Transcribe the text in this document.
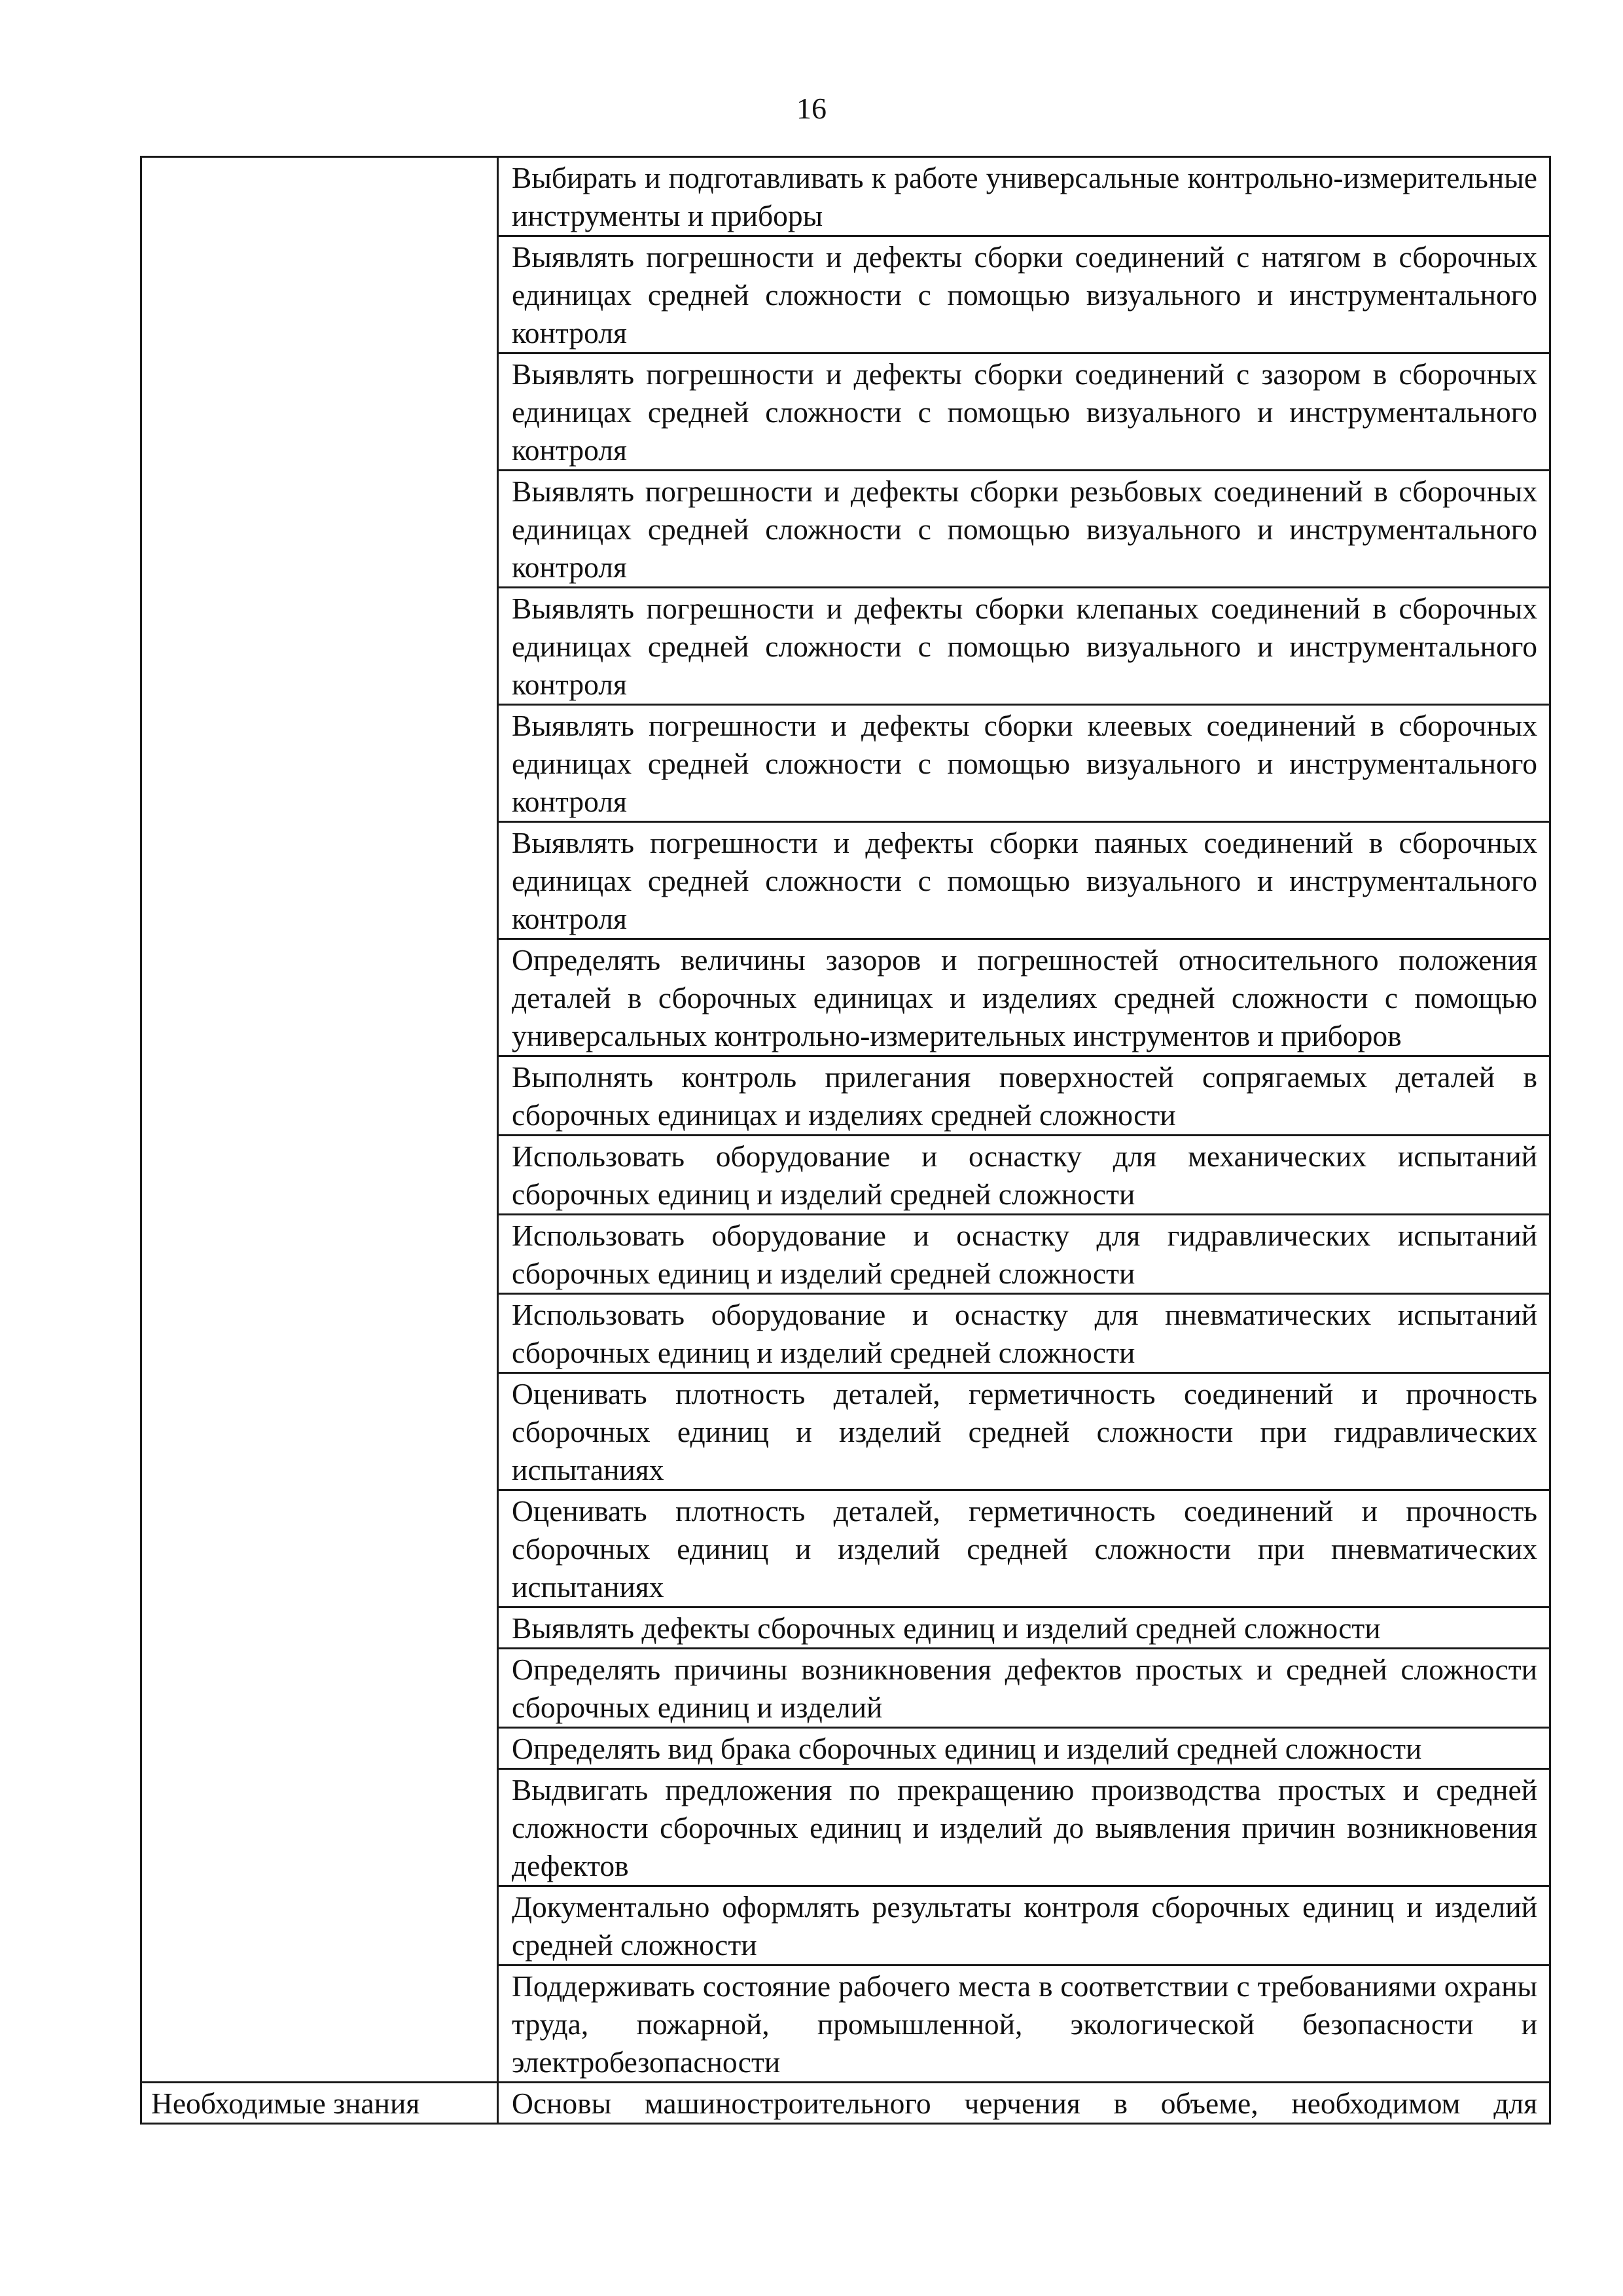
16

	Выбирать и подготавливать к работе универсальные контрольно-измерительные инструменты и приборы

	Выявлять погрешности и дефекты сборки соединений с натягом в сборочных единицах средней сложности с помощью визуального и инструментального контроля

	Выявлять погрешности и дефекты сборки соединений с зазором в сборочных единицах средней сложности с помощью визуального и инструментального контроля

	Выявлять погрешности и дефекты сборки резьбовых соединений в сборочных единицах средней сложности с помощью визуального и инструментального контроля

	Выявлять погрешности и дефекты сборки клепаных соединений в сборочных единицах средней сложности с помощью визуального и инструментального контроля

	Выявлять погрешности и дефекты сборки клеевых соединений в сборочных единицах средней сложности с помощью визуального и инструментального контроля

	Выявлять погрешности и дефекты сборки паяных соединений в сборочных единицах средней сложности с помощью визуального и инструментального контроля

	Определять величины зазоров и погрешностей относительного положения деталей в сборочных единицах и изделиях средней сложности с помощью универсальных контрольно-измерительных инструментов и приборов

	Выполнять контроль прилегания поверхностей сопрягаемых деталей в сборочных единицах и изделиях средней сложности

	Использовать оборудование и оснастку для механических испытаний сборочных единиц и изделий средней сложности

	Использовать оборудование и оснастку для гидравлических испытаний сборочных единиц и изделий средней сложности

	Использовать оборудование и оснастку для пневматических испытаний сборочных единиц и изделий средней сложности

	Оценивать плотность деталей, герметичность соединений и прочность сборочных единиц и изделий средней сложности при гидравлических испытаниях

	Оценивать плотность деталей, герметичность соединений и прочность сборочных единиц и изделий средней сложности при пневматических испытаниях

	Выявлять дефекты сборочных единиц и изделий средней сложности

	Определять причины возникновения дефектов простых и средней сложности сборочных единиц и изделий

	Определять вид брака сборочных единиц и изделий средней сложности

	Выдвигать предложения по прекращению производства простых и средней сложности сборочных единиц и изделий до выявления причин возникновения дефектов

	Документально оформлять результаты контроля сборочных единиц и изделий средней сложности

	Поддерживать состояние рабочего места в соответствии с требованиями охраны труда, пожарной, промышленной, экологической безопасности и электробезопасности

Необходимые знания	Основы машиностроительного черчения в объеме, необходимом для
